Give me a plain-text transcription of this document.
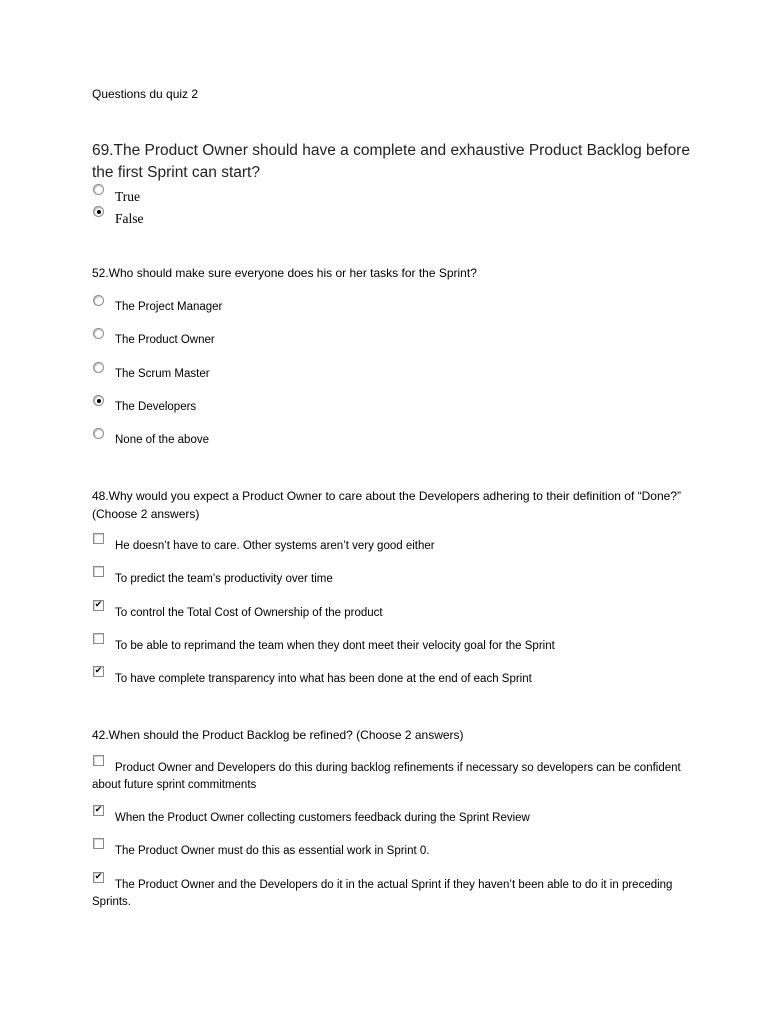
Questions du quiz 2

69.The Product Owner should have a complete and exhaustive Product Backlog before the first Sprint can start?

True
False

52.Who should make sure everyone does his or her tasks for the Sprint?

The Project Manager
The Product Owner
The Scrum Master
The Developers
None of the above

48.Why would you expect a Product Owner to care about the Developers adhering to their definition of “Done?” (Choose 2 answers)

He doesn’t have to care. Other systems aren’t very good either
To predict the team’s productivity over time
✔
To control the Total Cost of Ownership of the product
To be able to reprimand the team when they dont meet their velocity goal for the Sprint
✔
To have complete transparency into what has been done at the end of each Sprint

42.When should the Product Backlog be refined? (Choose 2 answers)

Product Owner and Developers do this during backlog refinements if necessary so developers can be confident about future sprint commitments
✔
When the Product Owner collecting customers feedback during the Sprint Review
The Product Owner must do this as essential work in Sprint 0.
✔
The Product Owner and the Developers do it in the actual Sprint if they haven’t been able to do it in preceding Sprints.
